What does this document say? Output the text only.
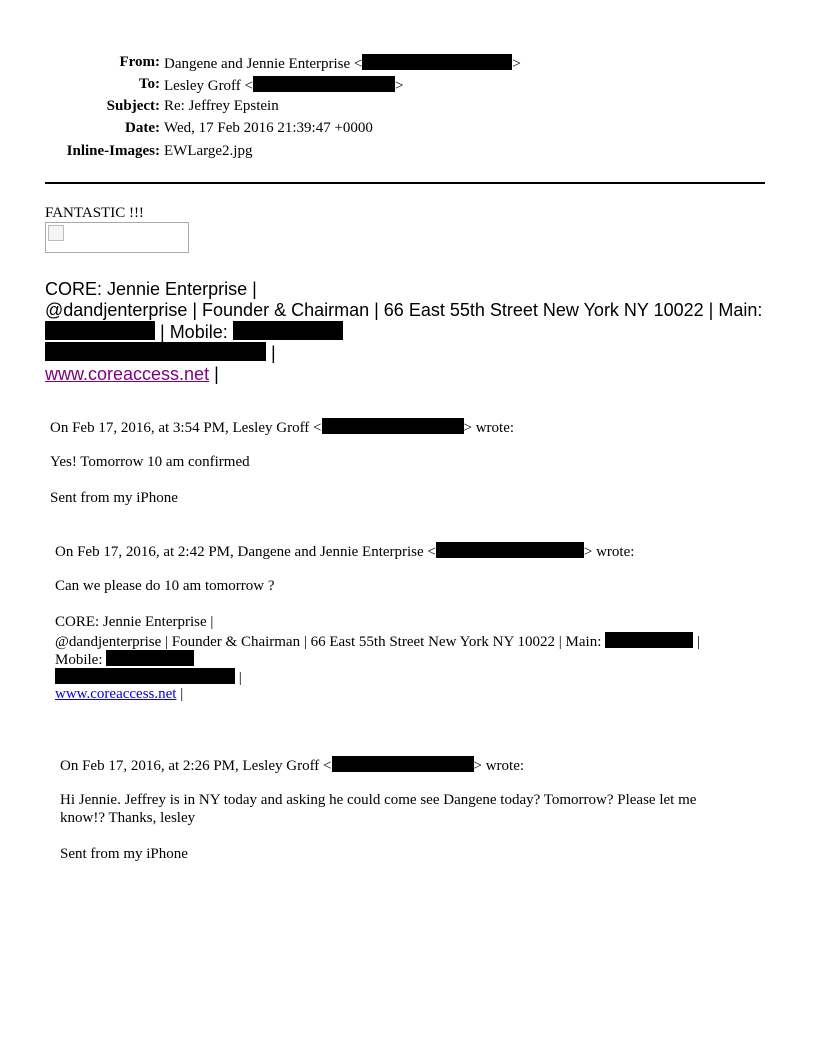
From: Dangene and Jennie Enterprise <	>
To: Lesley Groff <	>
Subject: Re: Jeffrey Epstein
Date: Wed, 17 Feb 2016 21:39:47 +0000
Inline-Images: EWLarge2.jpg
FANTASTIC !!!
CORE: Jennie Enterprise |
@dandjenterprise | Founder & Chairman | 66 East 55th Street New York NY 10022 | Main:
| Mobile:
|
www.coreaccess.net |
On Feb 17, 2016, at 3:54 PM, Lesley Groff <	> wrote:
Yes! Tomorrow 10 am confirmed
Sent from my iPhone
On Feb 17, 2016, at 2:42 PM, Dangene and Jennie Enterprise <	> wrote:
Can we please do 10 am tomorrow ?
CORE: Jennie Enterprise |
@dandjenterprise | Founder & Chairman | 66 East 55th Street New York NY 10022 | Main:	|
Mobile:
|
www.coreaccess.net |
On Feb 17, 2016, at 2:26 PM, Lesley Groff <	> wrote:
Hi Jennie. Jeffrey is in NY today and asking he could come see Dangene today? Tomorrow? Please let me
know!? Thanks, lesley
Sent from my iPhone
